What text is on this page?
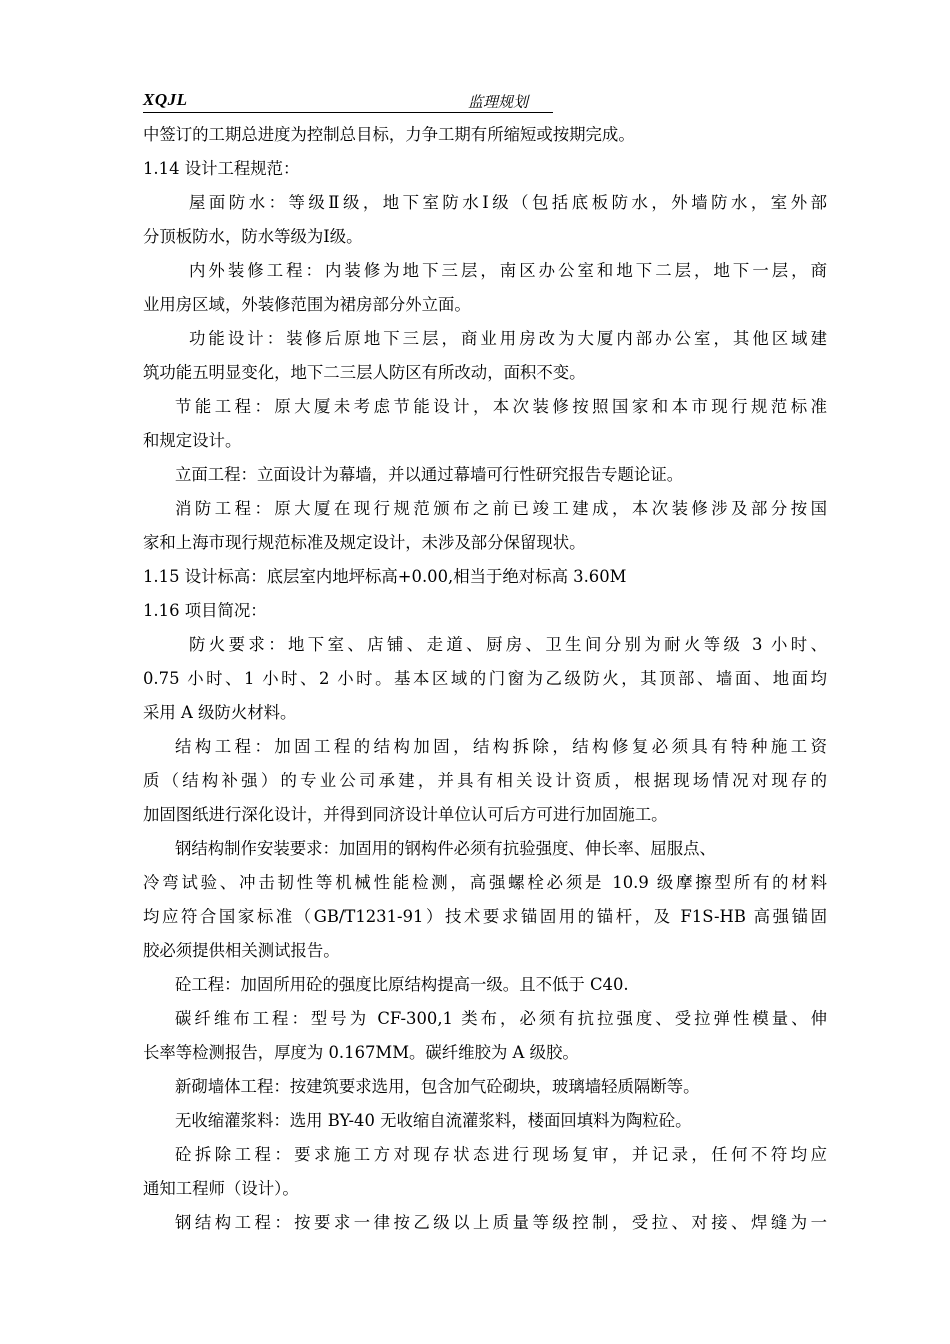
XQJL	监理规划
中签订的工期总进度为控制总目标，力争工期有所缩短或按期完成。
1.14 设计工程规范：
屋面防水：等级Ⅱ级，地下室防水Ⅰ级（包括底板防水，外墙防水，室外部
分顶板防水，防水等级为Ⅰ级。
内外装修工程：内装修为地下三层，南区办公室和地下二层，地下一层，商
业用房区域，外装修范围为裙房部分外立面。
功能设计：装修后原地下三层，商业用房改为大厦内部办公室，其他区域建
筑功能五明显变化，地下二三层人防区有所改动，面积不变。
节能工程：原大厦未考虑节能设计，本次装修按照国家和本市现行规范标准
和规定设计。
立面工程：立面设计为幕墙，并以通过幕墙可行性研究报告专题论证。
消防工程：原大厦在现行规范颁布之前已竣工建成，本次装修涉及部分按国
家和上海市现行规范标准及规定设计，未涉及部分保留现状。
1.15 设计标高：底层室内地坪标高+0.00,相当于绝对标高 3.60M
1.16 项目简况：
防火要求：地下室、店铺、走道、厨房、卫生间分别为耐火等级 3 小时、
0.75 小时、1 小时、2 小时。基本区域的门窗为乙级防火，其顶部、墙面、地面均
采用 A 级防火材料。
结构工程：加固工程的结构加固，结构拆除，结构修复必须具有特种施工资
质（结构补强）的专业公司承建，并具有相关设计资质，根据现场情况对现存的
加固图纸进行深化设计，并得到同济设计单位认可后方可进行加固施工。
钢结构制作安装要求：加固用的钢构件必须有抗验强度、伸长率、屈服点、
冷弯试验、冲击韧性等机械性能检测，高强螺栓必须是 10.9 级摩擦型所有的材料
均应符合国家标准（GB/T1231-91）技术要求锚固用的锚杆，及 F1S-HB 高强锚固
胶必须提供相关测试报告。
砼工程：加固所用砼的强度比原结构提高一级。且不低于 C40.
碳纤维布工程：型号为 CF-300,1 类布，必须有抗拉强度、受拉弹性模量、伸
长率等检测报告，厚度为 0.167MM。碳纤维胶为 A 级胶。
新砌墙体工程：按建筑要求选用，包含加气砼砌块，玻璃墙轻质隔断等。
无收缩灌浆料：选用 BY-40 无收缩自流灌浆料，楼面回填料为陶粒砼。
砼拆除工程：要求施工方对现存状态进行现场复审，并记录，任何不符均应
通知工程师（设计）。
钢结构工程：按要求一律按乙级以上质量等级控制，受拉、对接、焊缝为一
